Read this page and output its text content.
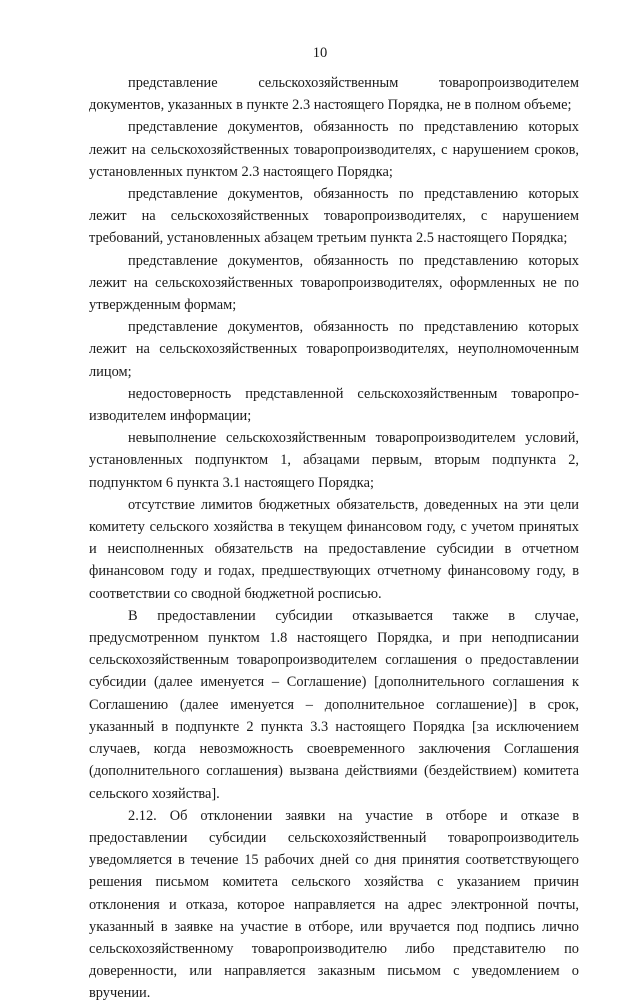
10

представление сельскохозяйственным товаропроизводителем документов, указанных в пункте 2.3 настоящего Порядка, не в полном объеме;

представление документов, обязанность по представлению которых лежит на сельскохозяйственных товаропроизводителях, с нарушением сроков, установленных пунктом 2.3 настоящего Порядка;

представление документов, обязанность по представлению которых лежит на сельскохозяйственных товаропроизводителях, с нарушением требований, установленных абзацем третьим пункта 2.5 настоящего Порядка;

представление документов, обязанность по представлению которых лежит на сельскохозяйственных товаропроизводителях, оформленных не по утвержденным формам;

представление документов, обязанность по представлению которых лежит на сельскохозяйственных товаропроизводителях, неуполномоченным лицом;

недостоверность представленной сельскохозяйственным товаропроизводителем информации;

невыполнение сельскохозяйственным товаропроизводителем условий, установленных подпунктом 1, абзацами первым, вторым подпункта 2, подпунктом 6 пункта 3.1 настоящего Порядка;

отсутствие лимитов бюджетных обязательств, доведенных на эти цели комитету сельского хозяйства в текущем финансовом году, с учетом принятых и неисполненных обязательств на предоставление субсидии в отчетном финансовом году и годах, предшествующих отчетному финансовому году, в соответствии со сводной бюджетной росписью.

В предоставлении субсидии отказывается также в случае, предусмотренном пунктом 1.8 настоящего Порядка, и при неподписании сельскохозяйственным товаропроизводителем соглашения о предоставлении субсидии (далее именуется – Соглашение) [дополнительного соглашения к Соглашению (далее именуется – дополнительное соглашение)] в срок, указанный в подпункте 2 пункта 3.3 настоящего Порядка [за исключением случаев, когда невозможность своевременного заключения Соглашения (дополнительного соглашения) вызвана действиями (бездействием) комитета сельского хозяйства].

2.12. Об отклонении заявки на участие в отборе и отказе в предоставлении субсидии сельскохозяйственный товаропроизводитель уведомляется в течение 15 рабочих дней со дня принятия соответствующего решения письмом комитета сельского хозяйства с указанием причин отклонения и отказа, которое направляется на адрес электронной почты, указанный в заявке на участие в отборе, или вручается под подпись лично сельскохозяйственному товаропроизводителю либо представителю по доверенности, или направляется заказным письмом с уведомлением о вручении.
